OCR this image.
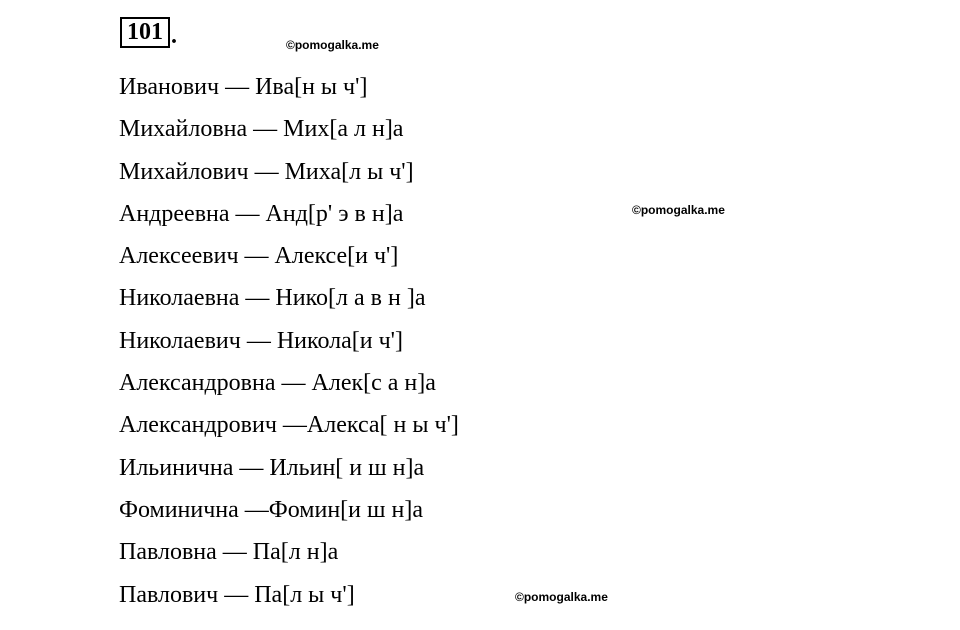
101 .	©pomogalka.me
©pomogalka.me
©pomogalka.me
Иванович — Ива[н ы ч']
Михайловна — Мих[а л н]а
Михайлович — Миха[л ы ч']
Андреевна — Анд[р' э в н]а
Алексеевич — Алексе[и ч']
Николаевна — Нико[л а в н ]а
Николаевич — Никола[и ч']
Александровна — Алек[с а н]а
Александрович —Алекса[ н ы ч']
Ильинична — Ильин[ и ш н]а
Фоминична —Фомин[и ш н]а
Павловна — Па[л н]а
Павлович — Па[л ы ч']
